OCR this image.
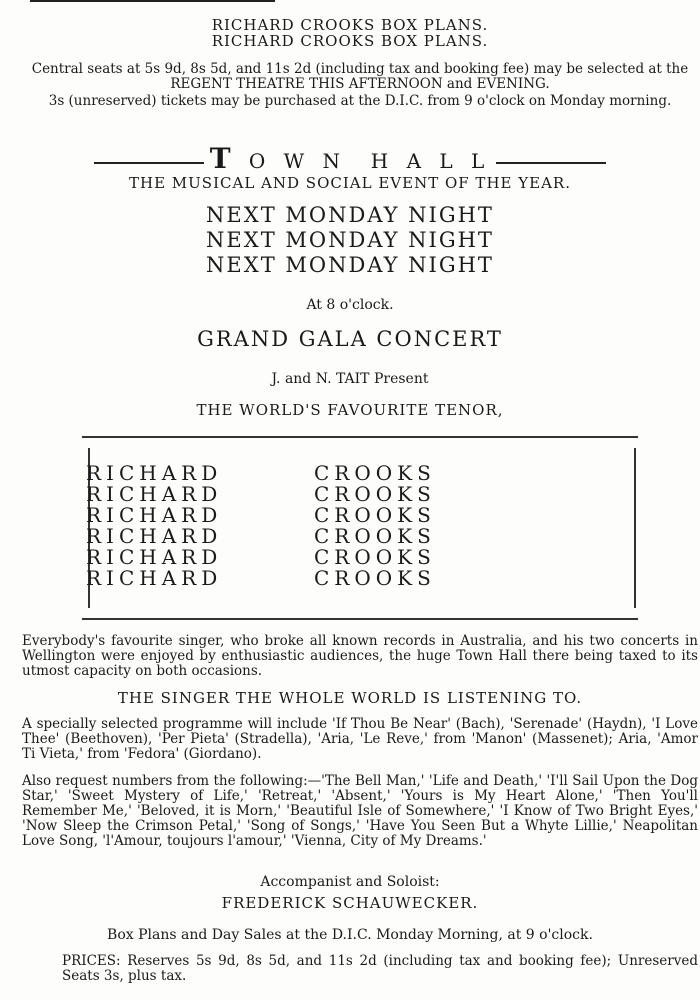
RICHARD CROOKS BOX PLANS.
RICHARD CROOKS BOX PLANS.
Central seats at 5s 9d, 8s 5d, and 11s 2d (including tax and booking fee) may be selected at the REGENT THEATRE THIS AFTERNOON and EVENING.
3s (unreserved) tickets may be purchased at the D.I.C. from 9 o'clock on Monday morning.
T O W N  H A L L
THE MUSICAL AND SOCIAL EVENT OF THE YEAR.
NEXT MONDAY NIGHT
NEXT MONDAY NIGHT
NEXT MONDAY NIGHT
At 8 o'clock.
GRAND GALA CONCERT
J. and N. TAIT Present
THE WORLD'S FAVOURITE TENOR,
RICHARD	CROOKS
RICHARD	CROOKS
RICHARD	CROOKS
RICHARD	CROOKS
RICHARD	CROOKS
RICHARD	CROOKS
Everybody's favourite singer, who broke all known records in Australia, and his two concerts in Wellington were enjoyed by enthusiastic audiences, the huge Town Hall there being taxed to its utmost capacity on both occasions.
THE SINGER THE WHOLE WORLD IS LISTENING TO.
A specially selected programme will include 'If Thou Be Near' (Bach), 'Serenade' (Haydn), 'I Love Thee' (Beethoven), 'Per Pieta' (Stradella), 'Aria, 'Le Reve,' from 'Manon' (Massenet); Aria, 'Amor Ti Vieta,' from 'Fedora' (Giordano).
Also request numbers from the following:—'The Bell Man,' 'Life and Death,' 'I'll Sail Upon the Dog Star,' 'Sweet Mystery of Life,' 'Retreat,' 'Absent,' 'Yours is My Heart Alone,' 'Then You'll Remember Me,' 'Beloved, it is Morn,' 'Beautiful Isle of Somewhere,' 'I Know of Two Bright Eyes,' 'Now Sleep the Crimson Petal,' 'Song of Songs,' 'Have You Seen But a Whyte Lillie,' Neapolitan Love Song, 'l'Amour, toujours l'amour,' 'Vienna, City of My Dreams.'
Accompanist and Soloist:
FREDERICK SCHAUWECKER.
Box Plans and Day Sales at the D.I.C. Monday Morning, at 9 o'clock.
PRICES: Reserves 5s 9d, 8s 5d, and 11s 2d (including tax and booking fee); Unreserved Seats 3s, plus tax.
